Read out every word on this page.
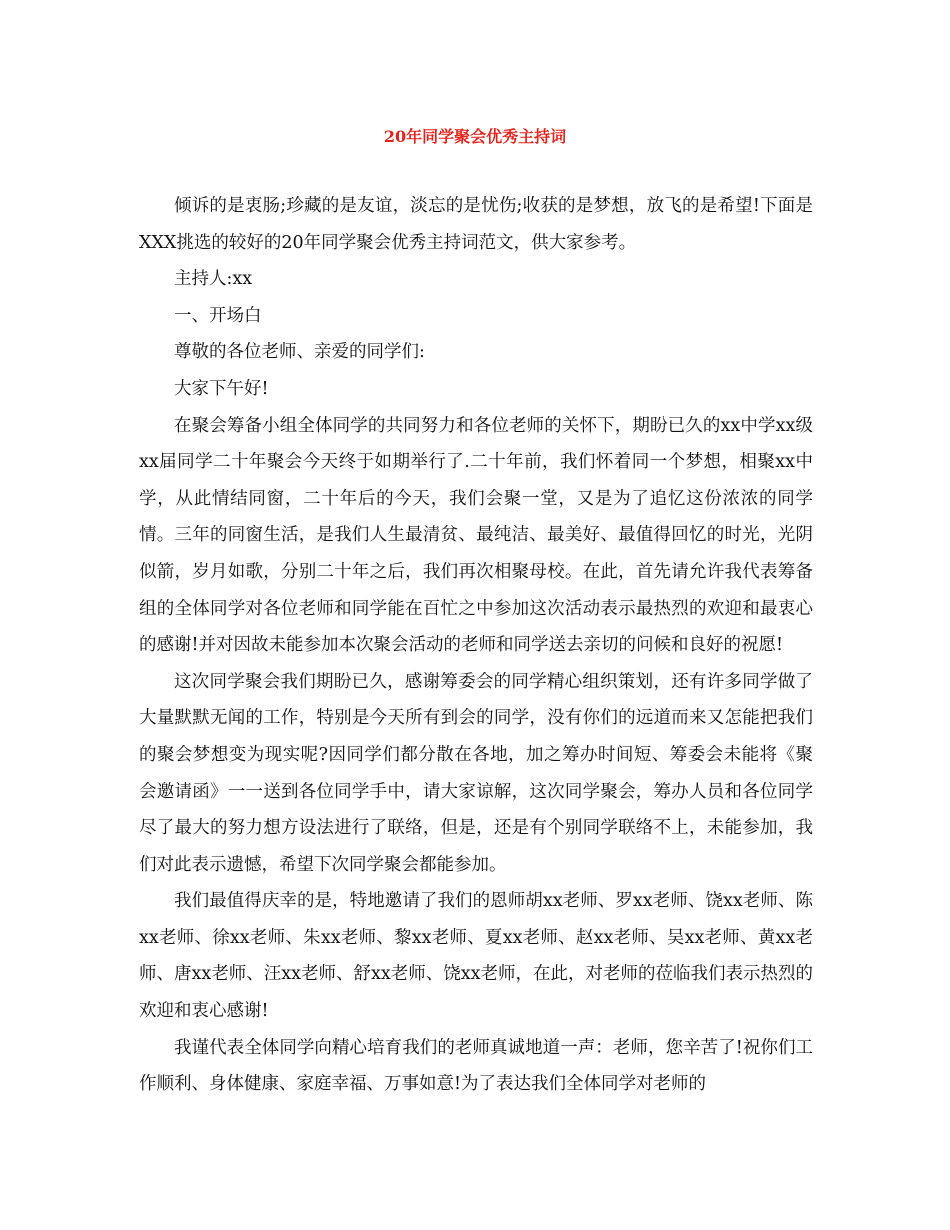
20年同学聚会优秀主持词

倾诉的是衷肠;珍藏的是友谊，淡忘的是忧伤;收获的是梦想，放飞的是希望!下面是XXX挑选的较好的20年同学聚会优秀主持词范文，供大家参考。

主持人:xx

一、开场白

尊敬的各位老师、亲爱的同学们:

大家下午好!

在聚会筹备小组全体同学的共同努力和各位老师的关怀下，期盼已久的xx中学xx级xx届同学二十年聚会今天终于如期举行了.二十年前，我们怀着同一个梦想，相聚xx中学，从此情结同窗，二十年后的今天，我们会聚一堂，又是为了追忆这份浓浓的同学情。三年的同窗生活，是我们人生最清贫、最纯洁、最美好、最值得回忆的时光，光阴似箭，岁月如歌，分别二十年之后，我们再次相聚母校。在此，首先请允许我代表筹备组的全体同学对各位老师和同学能在百忙之中参加这次活动表示最热烈的欢迎和最衷心的感谢!并对因故未能参加本次聚会活动的老师和同学送去亲切的问候和良好的祝愿!

这次同学聚会我们期盼已久，感谢筹委会的同学精心组织策划，还有许多同学做了大量默默无闻的工作，特别是今天所有到会的同学，没有你们的远道而来又怎能把我们的聚会梦想变为现实呢?因同学们都分散在各地，加之筹办时间短、筹委会未能将《聚会邀请函》一一送到各位同学手中，请大家谅解，这次同学聚会，筹办人员和各位同学尽了最大的努力想方设法进行了联络，但是，还是有个别同学联络不上，未能参加，我们对此表示遗憾，希望下次同学聚会都能参加。

我们最值得庆幸的是，特地邀请了我们的恩师胡xx老师、罗xx老师、饶xx老师、陈xx老师、徐xx老师、朱xx老师、黎xx老师、夏xx老师、赵xx老师、吴xx老师、黄xx老师、唐xx老师、汪xx老师、舒xx老师、饶xx老师，在此，对老师的莅临我们表示热烈的欢迎和衷心感谢!

我谨代表全体同学向精心培育我们的老师真诚地道一声：老师，您辛苦了!祝你们工作顺利、身体健康、家庭幸福、万事如意!为了表达我们全体同学对老师的
